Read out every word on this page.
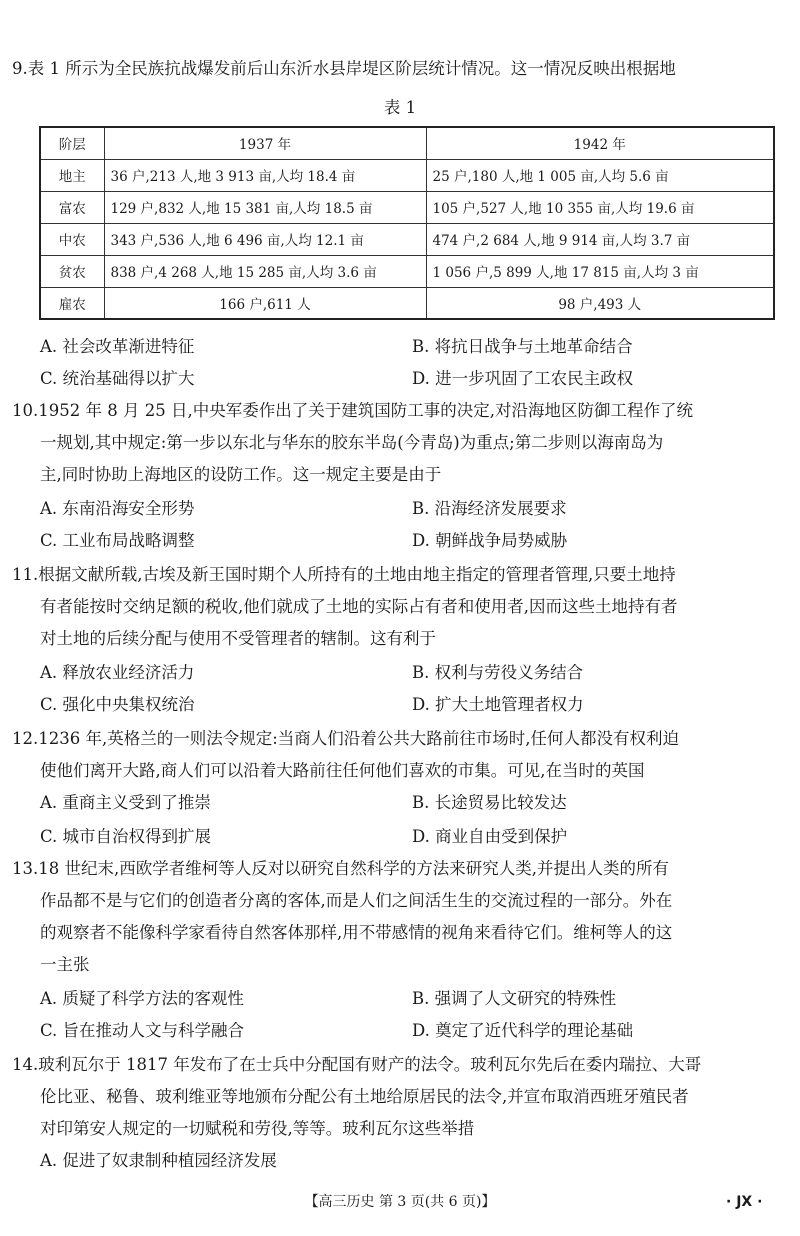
9.表 1 所示为全民族抗战爆发前后山东沂水县岸堤区阶层统计情况。这一情况反映出根据地
表 1
阶层	1937 年	1942 年
地主	36 户,213 人,地 3 913 亩,人均 18.4 亩	25 户,180 人,地 1 005 亩,人均 5.6 亩
富农	129 户,832 人,地 15 381 亩,人均 18.5 亩	105 户,527 人,地 10 355 亩,人均 19.6 亩
中农	343 户,536 人,地 6 496 亩,人均 12.1 亩	474 户,2 684 人,地 9 914 亩,人均 3.7 亩
贫农	838 户,4 268 人,地 15 285 亩,人均 3.6 亩	1 056 户,5 899 人,地 17 815 亩,人均 3 亩
雇农	166 户,611 人	98 户,493 人
A. 社会改革渐进特征	B. 将抗日战争与土地革命结合
C. 统治基础得以扩大	D. 进一步巩固了工农民主政权
10.1952 年 8 月 25 日,中央军委作出了关于建筑国防工事的决定,对沿海地区防御工程作了统
一规划,其中规定:第一步以东北与华东的胶东半岛(今青岛)为重点;第二步则以海南岛为
主,同时协助上海地区的设防工作。这一规定主要是由于
A. 东南沿海安全形势	B. 沿海经济发展要求
C. 工业布局战略调整	D. 朝鲜战争局势威胁
11.根据文献所载,古埃及新王国时期个人所持有的土地由地主指定的管理者管理,只要土地持
有者能按时交纳足额的税收,他们就成了土地的实际占有者和使用者,因而这些土地持有者
对土地的后续分配与使用不受管理者的辖制。这有利于
A. 释放农业经济活力	B. 权利与劳役义务结合
C. 强化中央集权统治	D. 扩大土地管理者权力
12.1236 年,英格兰的一则法令规定:当商人们沿着公共大路前往市场时,任何人都没有权利迫
使他们离开大路,商人们可以沿着大路前往任何他们喜欢的市集。可见,在当时的英国
A. 重商主义受到了推崇	B. 长途贸易比较发达
C. 城市自治权得到扩展	D. 商业自由受到保护
13.18 世纪末,西欧学者维柯等人反对以研究自然科学的方法来研究人类,并提出人类的所有
作品都不是与它们的创造者分离的客体,而是人们之间活生生的交流过程的一部分。外在
的观察者不能像科学家看待自然客体那样,用不带感情的视角来看待它们。维柯等人的这
一主张
A. 质疑了科学方法的客观性	B. 强调了人文研究的特殊性
C. 旨在推动人文与科学融合	D. 奠定了近代科学的理论基础
14.玻利瓦尔于 1817 年发布了在士兵中分配国有财产的法令。玻利瓦尔先后在委内瑞拉、大哥
伦比亚、秘鲁、玻利维亚等地颁布分配公有土地给原居民的法令,并宣布取消西班牙殖民者
对印第安人规定的一切赋税和劳役,等等。玻利瓦尔这些举措
A. 促进了奴隶制种植园经济发展
【高三历史 第 3 页(共 6 页)】	· JX ·
